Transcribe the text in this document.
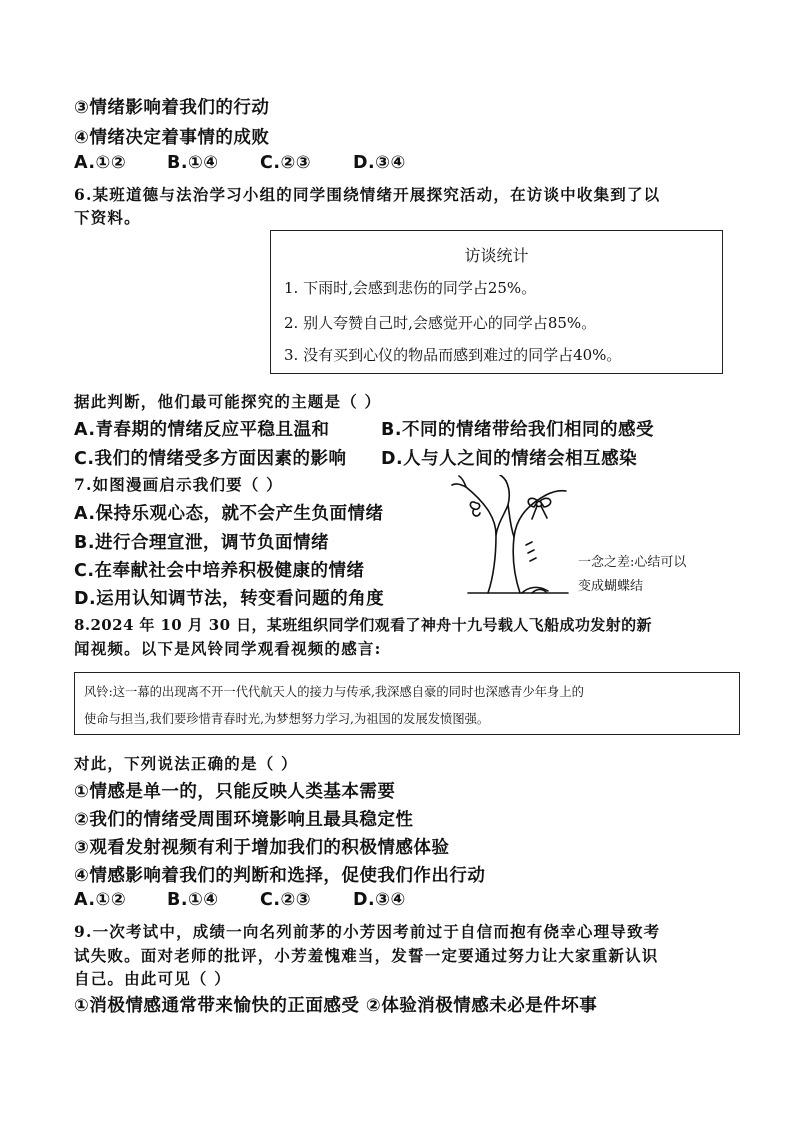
③情绪影响着我们的行动
④情绪决定着事情的成败
A.①② B.①④ C.②③ D.③④
6.某班道德与法治学习小组的同学围绕情绪开展探究活动，在访谈中收集到了以
下资料。
访谈统计
1. 下雨时,会感到悲伤的同学占25%。
2. 别人夸赞自己时,会感觉开心的同学占85%。
3. 没有买到心仪的物品而感到难过的同学占40%。
据此判断，他们最可能探究的主题是（ ）
A.青春期的情绪反应平稳且温和	B.不同的情绪带给我们相同的感受
C.我们的情绪受多方面因素的影响 D.人与人之间的情绪会相互感染
7.如图漫画启示我们要（ ）
A.保持乐观心态，就不会产生负面情绪
B.进行合理宣泄，调节负面情绪
C.在奉献社会中培养积极健康的情绪
D.运用认知调节法，转变看问题的角度
一念之差:心结可以
变成蝴蝶结
8.2024 年 10 月 30 日，某班组织同学们观看了神舟十九号载人飞船成功发射的新
闻视频。以下是风铃同学观看视频的感言:
风铃:这一幕的出现离不开一代代航天人的接力与传承,我深感自豪的同时也深感青少年身上的
使命与担当,我们要珍惜青春时光,为梦想努力学习,为祖国的发展发愤图强。
对此，下列说法正确的是（ ）
①情感是单一的，只能反映人类基本需要
②我们的情绪受周围环境影响且最具稳定性
③观看发射视频有利于增加我们的积极情感体验
④情感影响着我们的判断和选择，促使我们作出行动
A.①② B.①④ C.②③ D.③④
9.一次考试中，成绩一向名列前茅的小芳因考前过于自信而抱有侥幸心理导致考
试失败。面对老师的批评，小芳羞愧难当，发誓一定要通过努力让大家重新认识
自己。由此可见（ ）
①消极情感通常带来愉快的正面感受 ②体验消极情感未必是件坏事
